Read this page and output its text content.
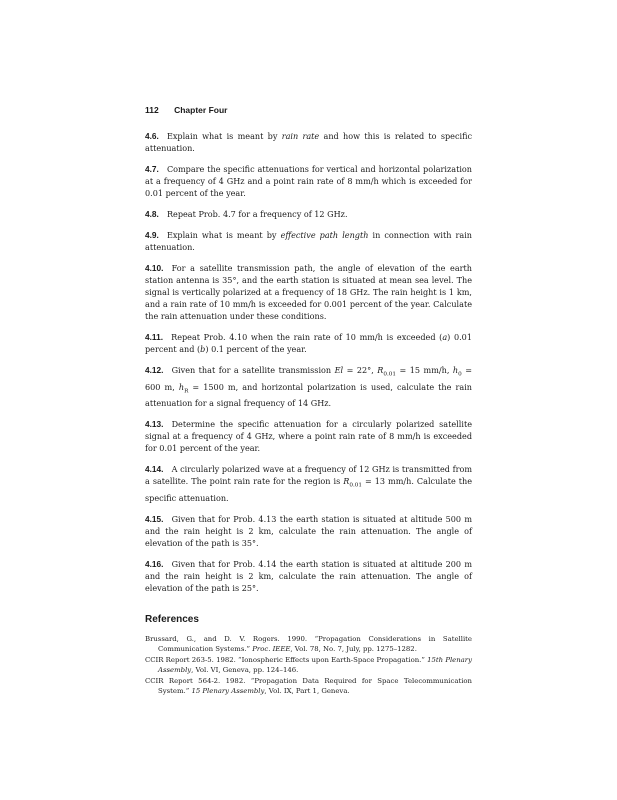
112 Chapter Four

4.6.  Explain what is meant by rain rate and how this is related to specific attenuation.

4.7.  Compare the specific attenuations for vertical and horizontal polarization at a frequency of 4 GHz and a point rain rate of 8 mm/h which is exceeded for 0.01 percent of the year.

4.8.  Repeat Prob. 4.7 for a frequency of 12 GHz.

4.9.  Explain what is meant by effective path length in connection with rain attenuation.

4.10.  For a satellite transmission path, the angle of elevation of the earth station antenna is 35°, and the earth station is situated at mean sea level. The signal is vertically polarized at a frequency of 18 GHz. The rain height is 1 km, and a rain rate of 10 mm/h is exceeded for 0.001 percent of the year. Calculate the rain attenuation under these conditions.

4.11.  Repeat Prob. 4.10 when the rain rate of 10 mm/h is exceeded (a) 0.01 percent and (b) 0.1 percent of the year.

4.12.  Given that for a satellite transmission El = 22°, $R_{0.01} = 15$ mm/h, $h_0 = 600$ m, $h_R = 1500$ m, and horizontal polarization is used, calculate the rain attenuation for a signal frequency of 14 GHz.

4.13.  Determine the specific attenuation for a circularly polarized satellite signal at a frequency of 4 GHz, where a point rain rate of 8 mm/h is exceeded for 0.01 percent of the year.

4.14.  A circularly polarized wave at a frequency of 12 GHz is transmitted from a satellite. The point rain rate for the region is $R_{0.01} = 13$ mm/h. Calculate the specific attenuation.

4.15.  Given that for Prob. 4.13 the earth station is situated at altitude 500 m and the rain height is 2 km, calculate the rain attenuation. The angle of elevation of the path is 35°.

4.16.  Given that for Prob. 4.14 the earth station is situated at altitude 200 m and the rain height is 2 km, calculate the rain attenuation. The angle of elevation of the path is 25°.

References

Brussard, G., and D. V. Rogers. 1990. “Propagation Considerations in Satellite Communication Systems.” Proc. IEEE, Vol. 78, No. 7, July, pp. 1275–1282.

CCIR Report 263-5. 1982. “Ionospheric Effects upon Earth-Space Propagation.” 15th Plenary Assembly, Vol. VI, Geneva, pp. 124–146.

CCIR Report 564-2. 1982. “Propagation Data Required for Space Telecommunication System.” 15 Plenary Assembly, Vol. IX, Part 1, Geneva.
